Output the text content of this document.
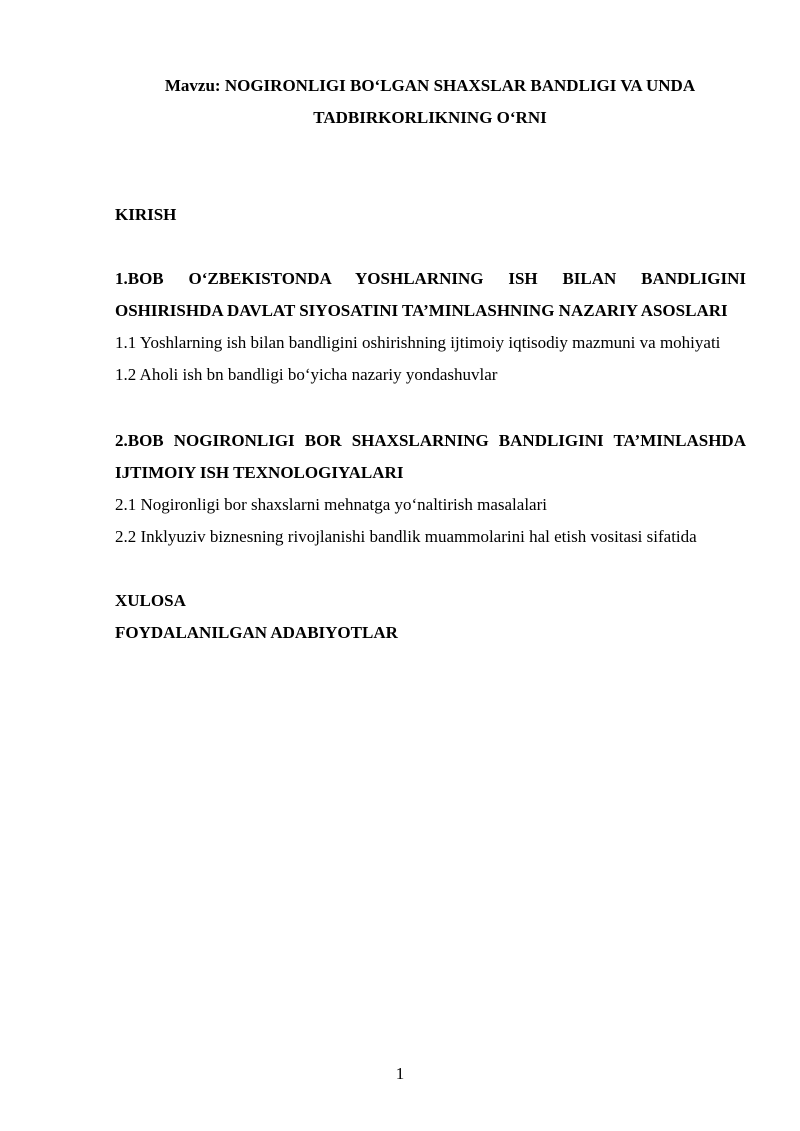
Mavzu: NOGIRONLIGI BO‘LGAN SHAXSLAR BANDLIGI VA UNDA TADBIRKORLIKNING O‘RNI

KIRISH

1.BOB O‘ZBEKISTONDA YOSHLARNING ISH BILAN BANDLIGINI OSHIRISHDA DAVLAT SIYOSATINI TA’MINLASHNING NAZARIY ASOSLARI

1.1 Yoshlarning ish bilan bandligini oshirishning ijtimoiy iqtisodiy mazmuni va mohiyati

1.2 Aholi ish bn bandligi bo‘yicha nazariy yondashuvlar

2.BOB NOGIRONLIGI BOR SHAXSLARNING BANDLIGINI TA’MINLASHDA IJTIMOIY ISH TEXNOLOGIYALARI

2.1 Nogironligi bor shaxslarni mehnatga yo‘naltirish masalalari

2.2 Inklyuziv biznesning rivojlanishi bandlik muammolarini hal etish vositasi sifatida

XULOSA

FOYDALANILGAN ADABIYOTLAR

1
